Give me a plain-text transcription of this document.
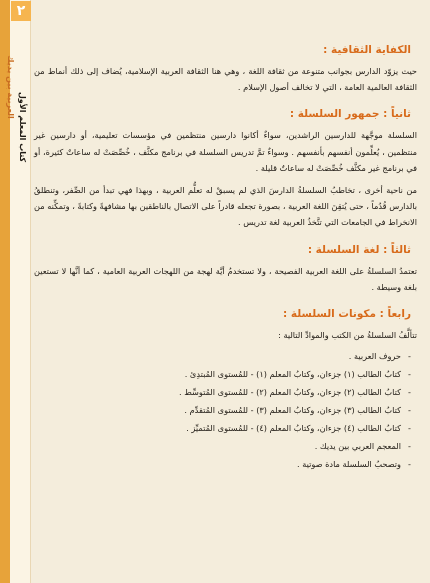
٢
كتاب المعلم الأول
العربية بين يديك
الكفاية الثقافية :

حيث يزوّد الدارس بجوانب متنوعة من ثقافة اللغة ، وهي هنا الثقافة العربية الإسلامية، يُضاف إلى ذلك أنماط من الثقافة العالمية العامة ، التي لا تخالف أصول الإسلام .

ثانياً : جمهور السلسلة :

السلسلة موجَّهة للدارسين الراشدين، سواءٌ أكانوا دارسين منتظمين في مؤسسات تعليمية، أو دارسين غير منتظمين ، يُعلِّمون أنفسهم بأنفسهم . وسواءٌ تمَّ تدريس السلسلة في برنامج مكثَّف ، خُصِّصَتْ له ساعاتٌ كثيرة، أو في برنامج غير مكثَّف خُصِّصَتْ له ساعاتٌ قليلة .

من ناحية أخرى ، تخاطبُ السلسلةُ الدارسَ الذي لم يسبقْ له تعلُّم العربية ، وبهذا فهي تبدأ من الصِّفر، وتنطلقُ بالدارس قُدُماً ، حتى يُتقِنَ اللغة العربية ، بصورة تجعله قادراً على الاتصال بالناطقين بها مشافهةً وكتابةً ، وتمكِّنه من الانخراط في الجامعات التي تتَّخذُ العربية لغة تدريس .

ثالثاً : لغة السلسلة :

تعتمدُ السلسلةُ على اللغة العربية الفصيحة ، ولا تستخدمُ أيَّة لهجة من اللهجات العربية العامية ، كما أنَّها لا تستعين بلغة وسيطة .

رابعاً : مكونات السلسلة :

تتألَّفُ السلسلةُ من الكتب والموادِّ التالية :

- حروف العربية .
- كتابُ الطالب (١) جزءان، وكتابُ المعلم (١) - للمُستوى المُبتدِئ .
- كتابُ الطالب (٢) جزءان، وكتابُ المعلم (٢) - للمُستوى المُتوسِّط .
- كتابُ الطالب (٣) جزءان، وكتابُ المعلم (٣) - للمُستوى المُتقدِّم .
- كتابُ الطالب (٤) جزءان، وكتابُ المعلم (٤) - للمُستوى المُتميِّز .
- المعجم العربي بين يديك .
- وتصحبُ السلسلة مادة صوتية .
